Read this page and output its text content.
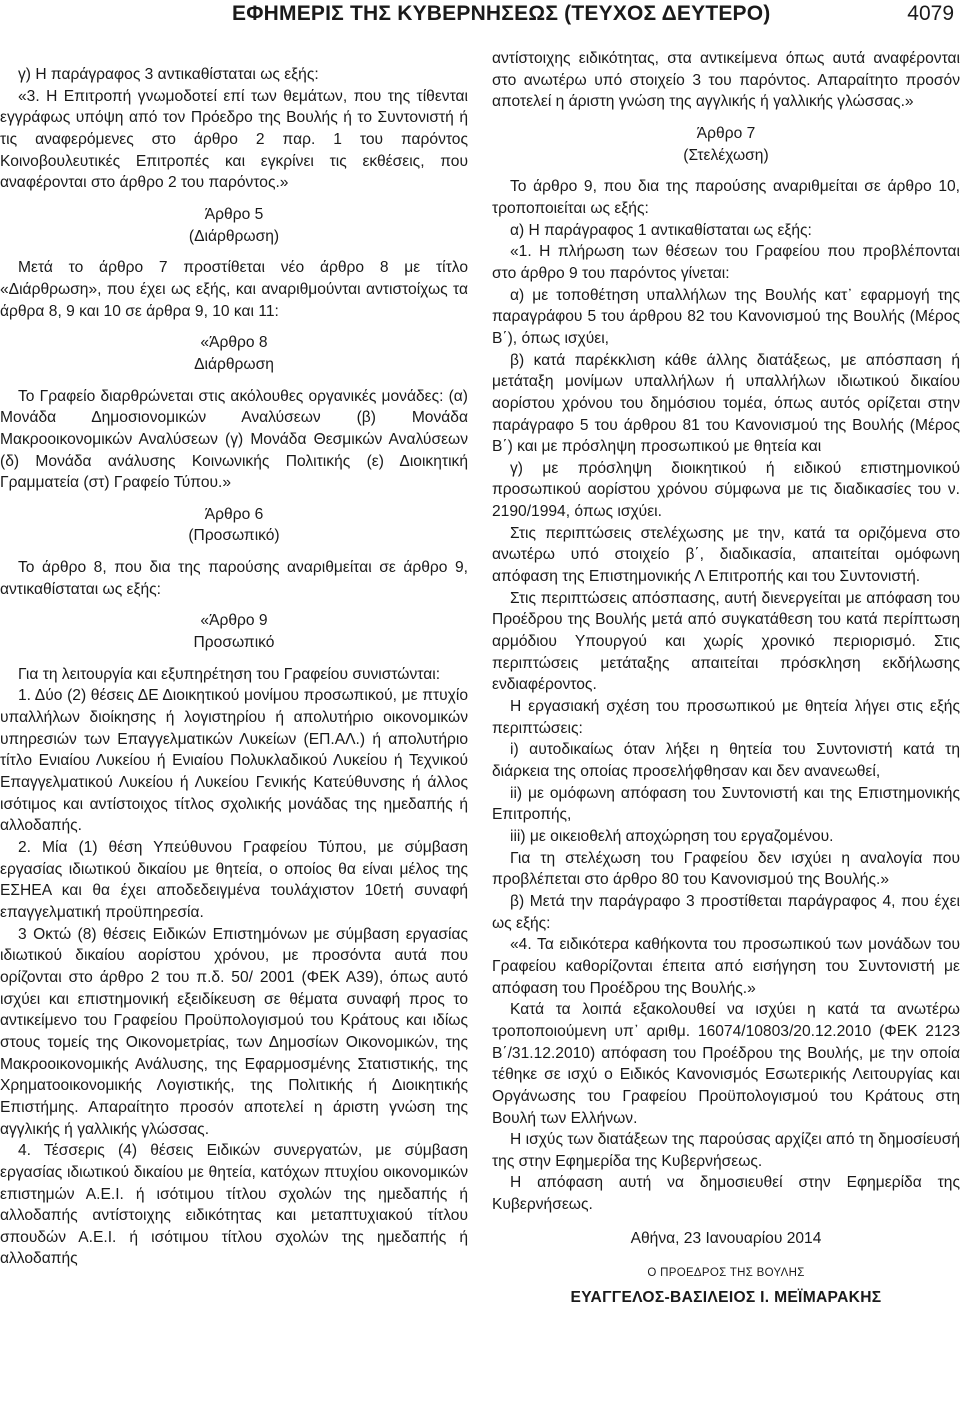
ΕΦΗΜΕΡΙΣ ΤΗΣ ΚΥΒΕΡΝΗΣΕΩΣ (ΤΕΥΧΟΣ ΔΕΥΤΕΡΟ)	4079

γ) Η παράγραφος 3 αντικαθίσταται ως εξής:

«3. Η Επιτροπή γνωμοδοτεί επί των θεμάτων, που της τίθενται εγγράφως υπόψη από τον Πρόεδρο της Βουλής ή το Συντονιστή ή τις αναφερόμενες στο άρθρο 2 παρ. 1 του παρόντος Κοινοβουλευτικές Επιτροπές και εγκρίνει τις εκθέσεις, που αναφέρονται στο άρθρο 2 του παρόντος.»

Άρθρο 5
(Διάρθρωση)

Μετά το άρθρο 7 προστίθεται νέο άρθρο 8 με τίτλο «Διάρθρωση», που έχει ως εξής, και αναριθμούνται αντιστοίχως τα άρθρα 8, 9 και 10 σε άρθρα 9, 10 και 11:

«Άρθρο 8
Διάρθρωση

Το Γραφείο διαρθρώνεται στις ακόλουθες οργανικές μονάδες: (α) Μονάδα Δημοσιονομικών Αναλύσεων (β) Μονάδα Μακροοικονομικών Αναλύσεων (γ) Μονάδα Θεσμικών Αναλύσεων (δ) Μονάδα ανάλυσης Κοινωνικής Πολιτικής (ε) Διοικητική Γραμματεία (στ) Γραφείο Τύπου.»

Άρθρο 6
(Προσωπικό)

Το άρθρο 8, που δια της παρούσης αναριθμείται σε άρθρο 9, αντικαθίσταται ως εξής:

«Άρθρο 9
Προσωπικό

Για τη λειτουργία και εξυπηρέτηση του Γραφείου συνιστώνται:

1. Δύο (2) θέσεις ΔΕ Διοικητικού μονίμου προσωπικού, με πτυχίο υπαλλήλων διοίκησης ή λογιστηρίου ή απολυτήριο οικονομικών υπηρεσιών των Επαγγελματικών Λυκείων (ΕΠ.ΑΛ.) ή απολυτήριο τίτλο Ενιαίου Λυκείου ή Ενιαίου Πολυκλαδικού Λυκείου ή Τεχνικού Επαγγελματικού Λυκείου ή Λυκείου Γενικής Κατεύθυνσης ή άλλος ισότιμος και αντίστοιχος τίτλος σχολικής μονάδας της ημεδαπής ή αλλοδαπής.

2. Μία (1) θέση Υπεύθυνου Γραφείου Τύπου, με σύμβαση εργασίας ιδιωτικού δικαίου με θητεία, ο οποίος θα είναι μέλος της ΕΣΗΕΑ και θα έχει αποδεδειγμένα τουλάχιστον 10ετή συναφή επαγγελματική προϋπηρεσία.

3 Οκτώ (8) θέσεις Ειδικών Επιστημόνων με σύμβαση εργασίας ιδιωτικού δικαίου αορίστου χρόνου, με προσόντα αυτά που ορίζονται στο άρθρο 2 του π.δ. 50/ 2001 (ΦΕΚ Α39), όπως αυτό ισχύει και επιστημονική εξειδίκευση σε θέματα συναφή προς το αντικείμενο του Γραφείου Προϋπολογισμού του Κράτους και ιδίως στους τομείς της Οικονομετρίας, των Δημοσίων Οικονομικών, της Μακροοικονομικής Ανάλυσης, της Εφαρμοσμένης Στατιστικής, της Χρηματοοικονομικής Λογιστικής, της Πολιτικής ή Διοικητικής Επιστήμης. Απαραίτητο προσόν αποτελεί η άριστη γνώση της αγγλικής ή γαλλικής γλώσσας.

4. Τέσσερις (4) θέσεις Ειδικών συνεργατών, με σύμβαση εργασίας ιδιωτικού δικαίου με θητεία, κατόχων πτυχίου οικονομικών επιστημών Α.Ε.Ι. ή ισότιμου τίτλου σχολών της ημεδαπής ή αλλοδαπής αντίστοιχης ειδικότητας και μεταπτυχιακού τίτλου σπουδών Α.Ε.Ι. ή ισότιμου τίτλου σχολών της ημεδαπής ή αλλοδαπής

αντίστοιχης ειδικότητας, στα αντικείμενα όπως αυτά αναφέρονται στο ανωτέρω υπό στοιχείο 3 του παρόντος. Απαραίτητο προσόν αποτελεί η άριστη γνώση της αγγλικής ή γαλλικής γλώσσας.»

Άρθρο 7
(Στελέχωση)

Το άρθρο 9, που δια της παρούσης αναριθμείται σε άρθρο 10, τροποποιείται ως εξής:

α) Η παράγραφος 1 αντικαθίσταται ως εξής:

«1. Η πλήρωση των θέσεων του Γραφείου που προβλέπονται στο άρθρο 9 του παρόντος γίνεται:

α) με τοποθέτηση υπαλλήλων της Βουλής κατ᾽ εφαρμογή της παραγράφου 5 του άρθρου 82 του Κανονισμού της Βουλής (Μέρος Β΄), όπως ισχύει,

β) κατά παρέκκλιση κάθε άλλης διατάξεως, με απόσπαση ή μετάταξη μονίμων υπαλλήλων ή υπαλλήλων ιδιωτικού δικαίου αορίστου χρόνου του δημόσιου τομέα, όπως αυτός ορίζεται στην παράγραφο 5 του άρθρου 81 του Κανονισμού της Βουλής (Μέρος Β΄) και με πρόσληψη προσωπικού με θητεία και

γ) με πρόσληψη διοικητικού ή ειδικού επιστημονικού προσωπικού αορίστου χρόνου σύμφωνα με τις διαδικασίες του ν. 2190/1994, όπως ισχύει.

Στις περιπτώσεις στελέχωσης με την, κατά τα οριζόμενα στο ανωτέρω υπό στοιχείο β΄, διαδικασία, απαιτείται ομόφωνη απόφαση της Επιστημονικής Λ Επιτροπής και του Συντονιστή.

Στις περιπτώσεις απόσπασης, αυτή διενεργείται με απόφαση του Προέδρου της Βουλής μετά από συγκατάθεση του κατά περίπτωση αρμόδιου Υπουργού και χωρίς χρονικό περιορισμό. Στις περιπτώσεις μετάταξης απαιτείται πρόσκληση εκδήλωσης ενδιαφέροντος.

Η εργασιακή σχέση του προσωπικού με θητεία λήγει στις εξής περιπτώσεις:

i) αυτοδικαίως όταν λήξει η θητεία του Συντονιστή κατά τη διάρκεια της οποίας προσελήφθησαν και δεν ανανεωθεί,

ii) με ομόφωνη απόφαση του Συντονιστή και της Επιστημονικής Επιτροπής,

iii) με οικειοθελή αποχώρηση του εργαζομένου.

Για τη στελέχωση του Γραφείου δεν ισχύει η αναλογία που προβλέπεται στο άρθρο 80 του Κανονισμού της Βουλής.»

β) Μετά την παράγραφο 3 προστίθεται παράγραφος 4, που έχει ως εξής:

«4. Τα ειδικότερα καθήκοντα του προσωπικού των μονάδων του Γραφείου καθορίζονται έπειτα από εισήγηση του Συντονιστή με απόφαση του Προέδρου της Βουλής.»

Κατά τα λοιπά εξακολουθεί να ισχύει η κατά τα ανωτέρω τροποποιούμενη υπ᾽ αριθμ. 16074/10803/20.12.2010 (ΦΕΚ 2123 Β΄/31.12.2010) απόφαση του Προέδρου της Βουλής, με την οποία τέθηκε σε ισχύ ο Ειδικός Κανονισμός Εσωτερικής Λειτουργίας και Οργάνωσης του Γραφείου Προϋπολογισμού του Κράτους στη Βουλή των Ελλήνων.

Η ισχύς των διατάξεων της παρούσας αρχίζει από τη δημοσίευσή της στην Εφημερίδα της Κυβερνήσεως.

Η απόφαση αυτή να δημοσιευθεί στην Εφημερίδα της Κυβερνήσεως.

Αθήνα, 23 Ιανουαρίου 2014
Ο ΠΡΟΕΔΡΟΣ ΤΗΣ ΒΟΥΛΗΣ
ΕΥΑΓΓΕΛΟΣ-ΒΑΣΙΛΕΙΟΣ Ι. ΜΕΪΜΑΡΑΚΗΣ
